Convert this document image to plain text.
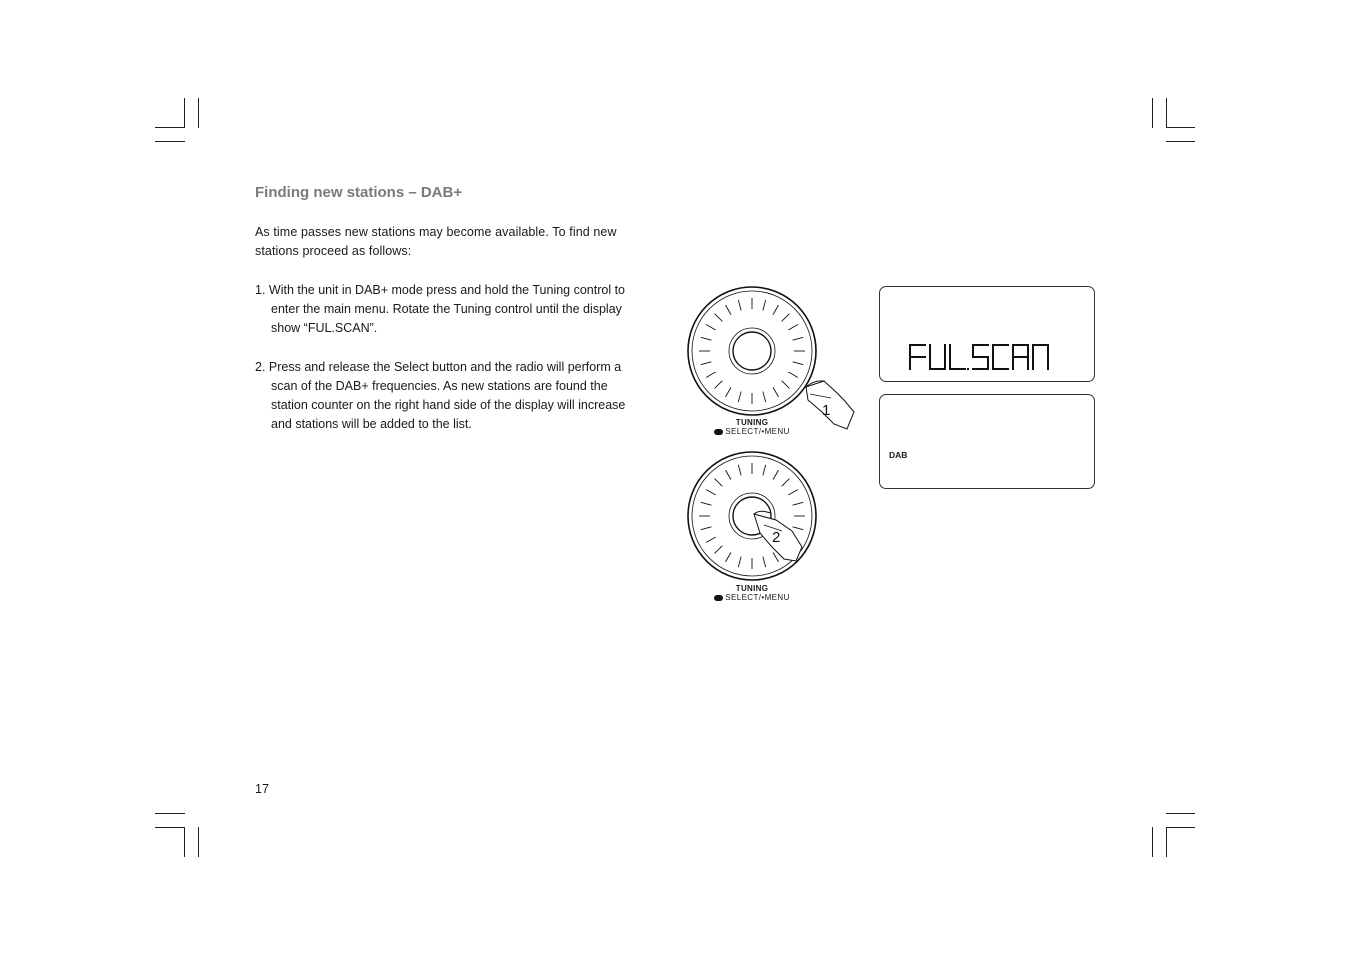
Finding new stations – DAB+
As time passes new stations may become available. To find new
stations proceed as follows:
1. With the unit in DAB+ mode press and hold the Tuning control to
enter the main menu. Rotate the Tuning control until the display
show “FUL.SCAN”.
2. Press and release the Select button and the radio will perform a
scan of the DAB+ frequencies. As new stations are found the
station counter on the right hand side of the display will increase
and stations will be added to the list.
17
1
TUNING
SELECT/•MENU
2
TUNING
SELECT/•MENU
DAB
